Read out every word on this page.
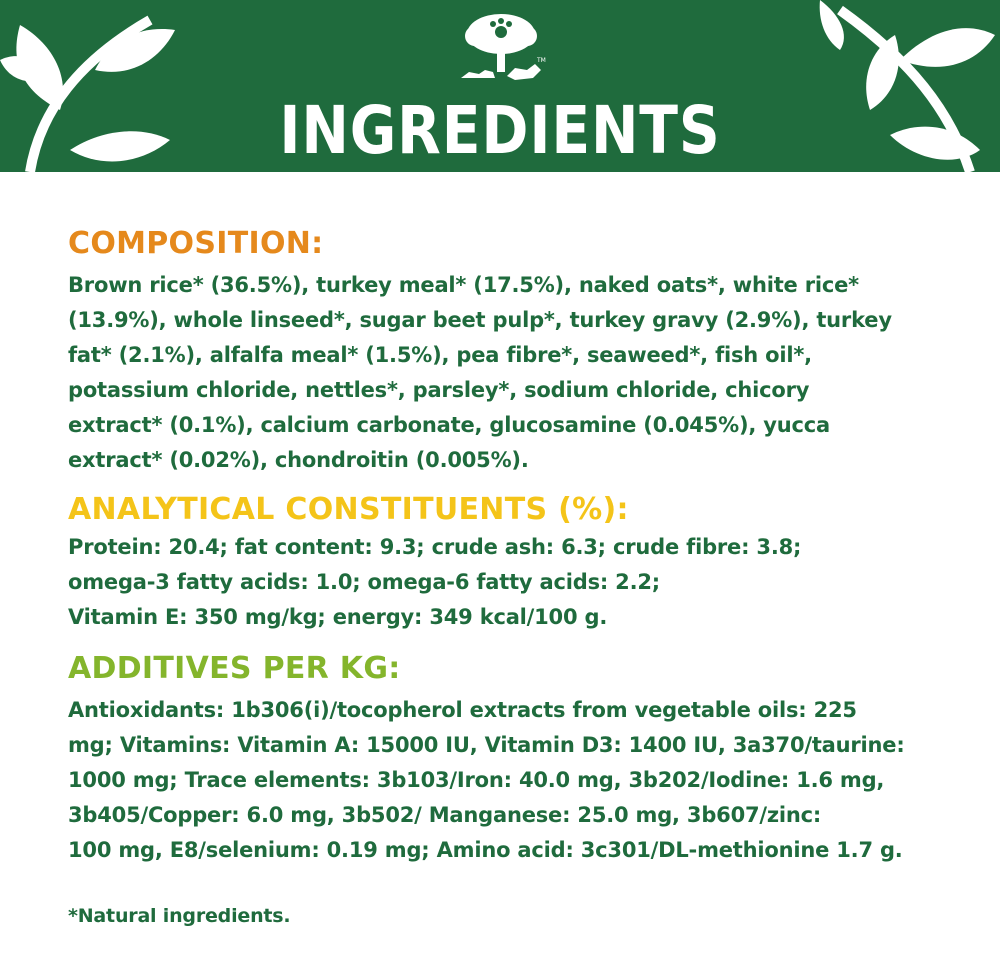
TM
INGREDIENTS
COMPOSITION:

Brown rice* (36.5%), turkey meal* (17.5%), naked oats*, white rice*
(13.9%), whole linseed*, sugar beet pulp*, turkey gravy (2.9%), turkey
fat* (2.1%), alfalfa meal* (1.5%), pea fibre*, seaweed*, fish oil*,
potassium chloride, nettles*, parsley*, sodium chloride, chicory
extract* (0.1%), calcium carbonate, glucosamine (0.045%), yucca
extract* (0.02%), chondroitin (0.005%).

ANALYTICAL CONSTITUENTS (%):

Protein: 20.4; fat content: 9.3; crude ash: 6.3; crude fibre: 3.8;
omega-3 fatty acids: 1.0; omega-6 fatty acids: 2.2;
Vitamin E: 350 mg/kg; energy: 349 kcal/100 g.

ADDITIVES PER KG:

Antioxidants: 1b306(i)/tocopherol extracts from vegetable oils: 225
mg; Vitamins: Vitamin A: 15000 IU, Vitamin D3: 1400 IU, 3a370/taurine:
1000 mg; Trace elements: 3b103/Iron: 40.0 mg, 3b202/Iodine: 1.6 mg,
3b405/Copper: 6.0 mg, 3b502/ Manganese: 25.0 mg, 3b607/zinc:
100 mg, E8/selenium: 0.19 mg; Amino acid: 3c301/DL-methionine 1.7 g.

*Natural ingredients.
